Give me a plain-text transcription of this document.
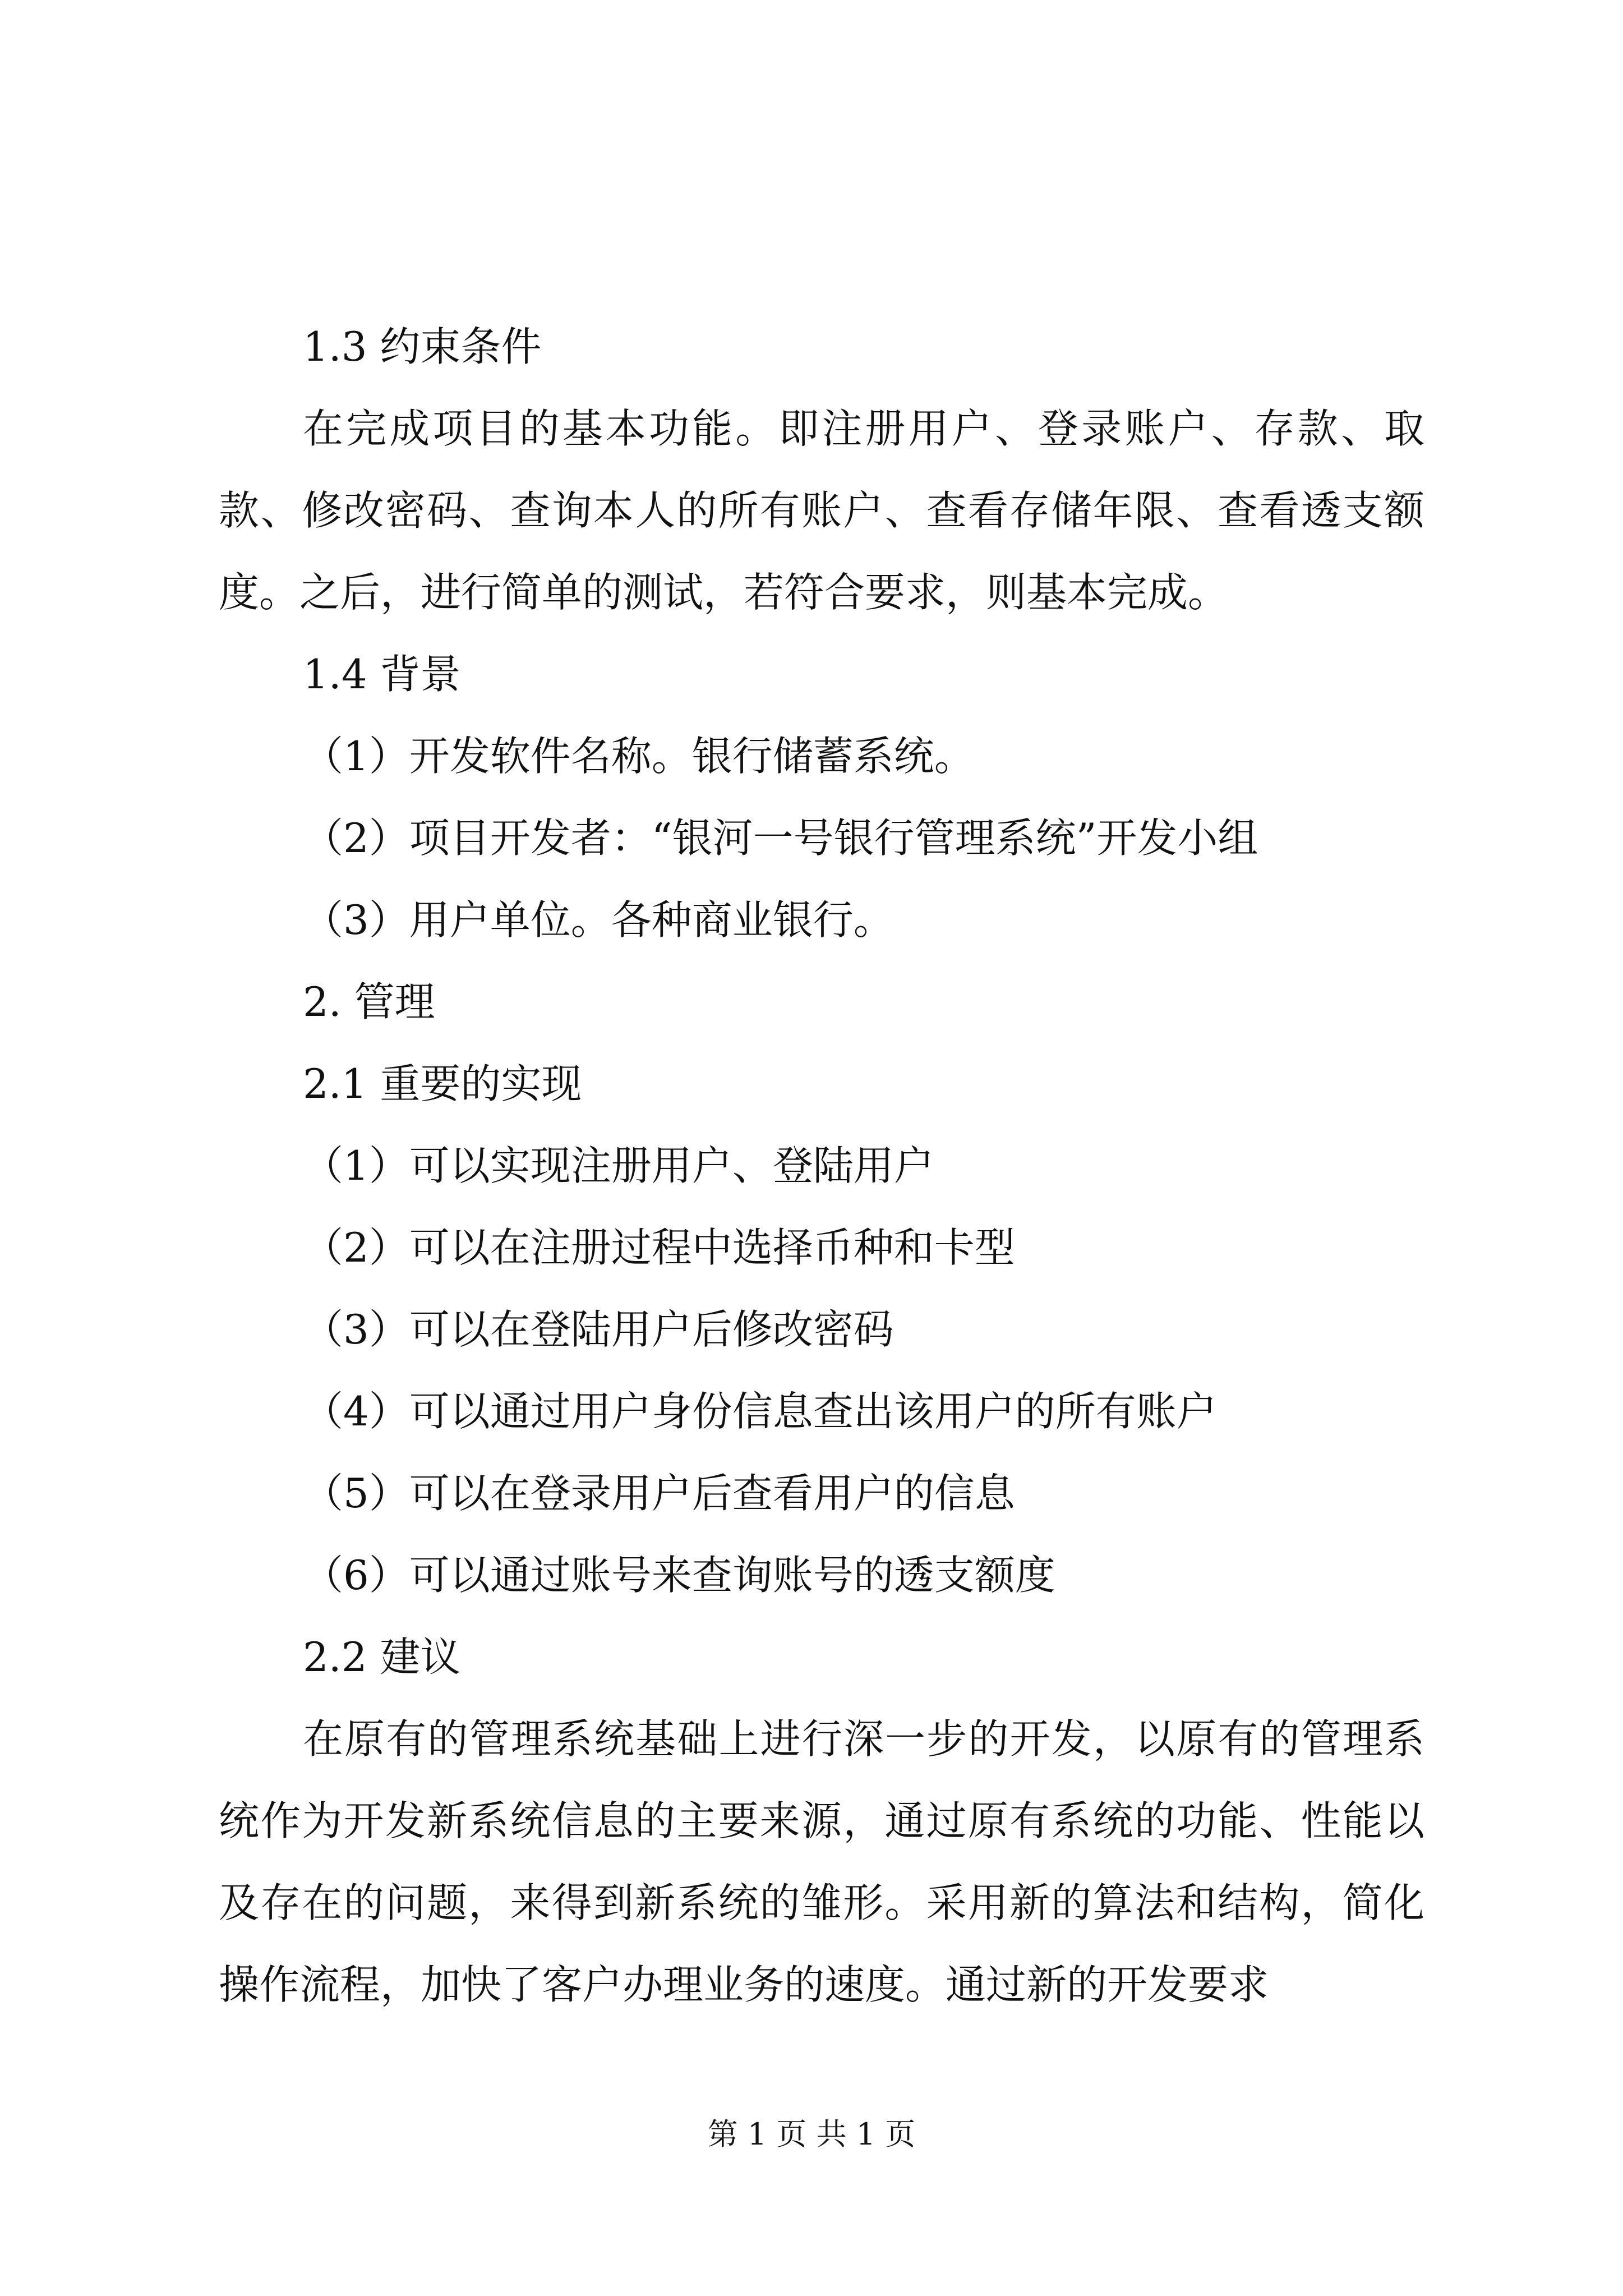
1.3 约束条件

在完成项目的基本功能。即注册用户、登录账户、存款、取款、修改密码、查询本人的所有账户、查看存储年限、查看透支额度。之后，进行简单的测试，若符合要求，则基本完成。

1.4 背景
（1）开发软件名称。银行储蓄系统。
（2）项目开发者：“银河一号银行管理系统”开发小组
（3）用户单位。各种商业银行。
2. 管理
2.1 重要的实现
（1）可以实现注册用户、登陆用户
（2）可以在注册过程中选择币种和卡型
（3）可以在登陆用户后修改密码
（4）可以通过用户身份信息查出该用户的所有账户
（5）可以在登录用户后查看用户的信息
（6）可以通过账号来查询账号的透支额度
2.2 建议

在原有的管理系统基础上进行深一步的开发，以原有的管理系统作为开发新系统信息的主要来源，通过原有系统的功能、性能以及存在的问题，来得到新系统的雏形。采用新的算法和结构，简化操作流程，加快了客户办理业务的速度。通过新的开发要求

第 1 页 共 1 页
